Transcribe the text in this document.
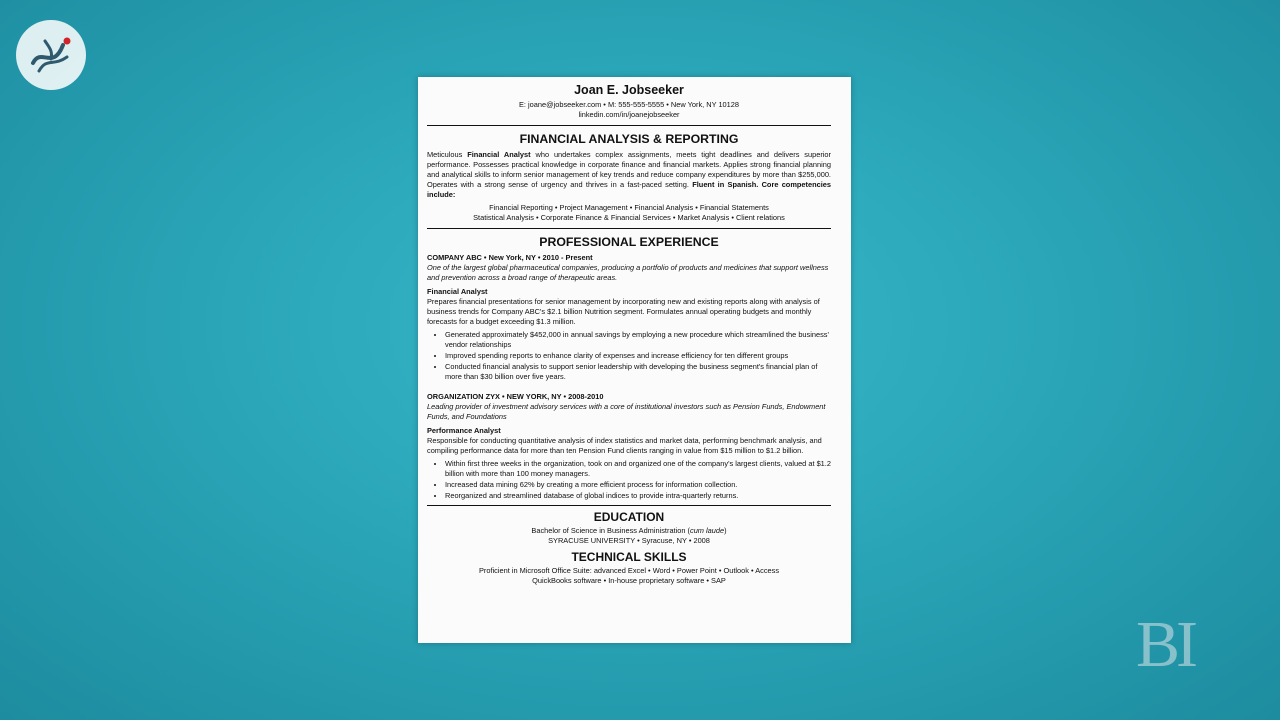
BI

Joan E. Jobseeker

E: joane@jobseeker.com • M: 555-555-5555 • New York, NY 10128

linkedin.com/in/joanejobseeker

FINANCIAL ANALYSIS & REPORTING

Meticulous Financial Analyst who undertakes complex assignments, meets tight deadlines and delivers superior performance. Possesses practical knowledge in corporate finance and financial markets. Applies strong financial planning and analytical skills to inform senior management of key trends and reduce company expenditures by more than $255,000. Operates with a strong sense of urgency and thrives in a fast-paced setting. Fluent in Spanish. Core competencies include:

Financial Reporting • Project Management • Financial Analysis • Financial Statements

Statistical Analysis • Corporate Finance & Financial Services • Market Analysis • Client relations

PROFESSIONAL EXPERIENCE

COMPANY ABC • New York, NY • 2010 - Present

One of the largest global pharmaceutical companies, producing a portfolio of products and medicines that support wellness and prevention across a broad range of therapeutic areas.

Financial Analyst

Prepares financial presentations for senior management by incorporating new and existing reports along with analysis of business trends for Company ABC's $2.1 billion Nutrition segment. Formulates annual operating budgets and monthly forecasts for a budget exceeding $1.3 million.

• Generated approximately $452,000 in annual savings by employing a new procedure which streamlined the business' vendor relationships
• Improved spending reports to enhance clarity of expenses and increase efficiency for ten different groups
• Conducted financial analysis to support senior leadership with developing the business segment's financial plan of more than $30 billion over five years.

ORGANIZATION ZYX • NEW YORK, NY • 2008-2010

Leading provider of investment advisory services with a core of institutional investors such as Pension Funds, Endowment Funds, and Foundations

Performance Analyst

Responsible for conducting quantitative analysis of index statistics and market data, performing benchmark analysis, and compiling performance data for more than ten Pension Fund clients ranging in value from $15 million to $1.2 billion.

• Within first three weeks in the organization, took on and organized one of the company's largest clients, valued at $1.2 billion with more than 100 money managers.
• Increased data mining 62% by creating a more efficient process for information collection.
• Reorganized and streamlined database of global indices to provide intra-quarterly returns.
EDUCATION

Bachelor of Science in Business Administration (cum laude)

SYRACUSE UNIVERSITY • Syracuse, NY • 2008

TECHNICAL SKILLS

Proficient in Microsoft Office Suite: advanced Excel • Word • Power Point • Outlook • Access

QuickBooks software • In-house proprietary software • SAP
